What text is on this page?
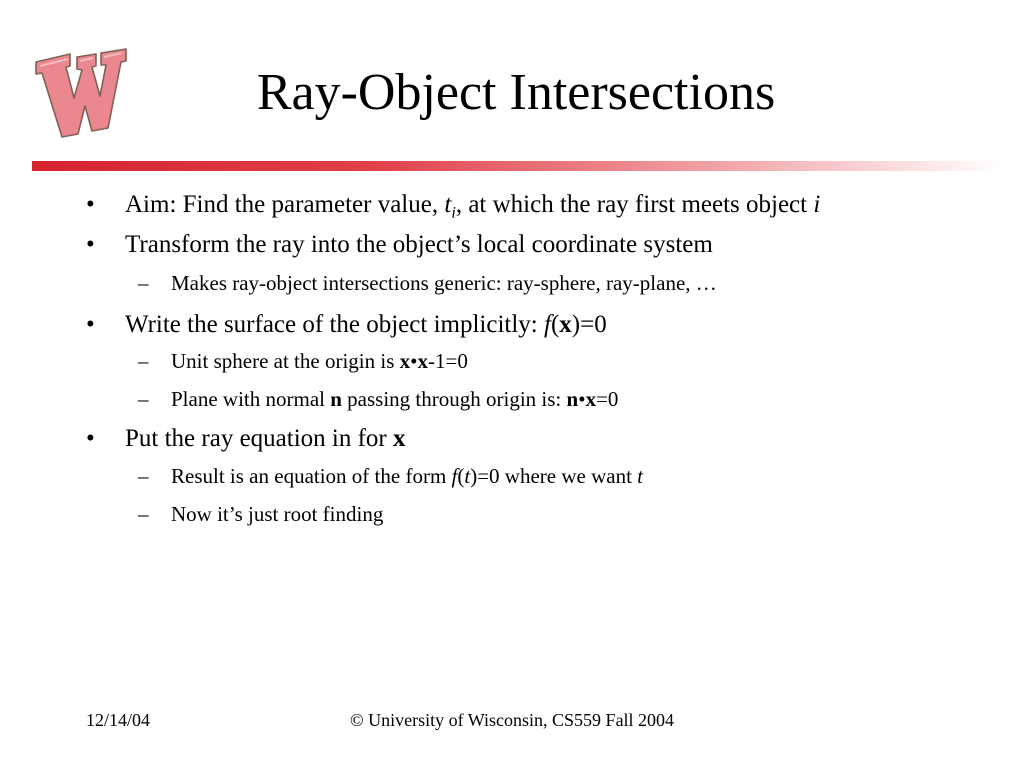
Ray-Object Intersections
• Aim: Find the parameter value, $t_i$, at which the ray first meets object i
• Transform the ray into the object’s local coordinate system
– Makes ray-object intersections generic: ray-sphere, ray-plane, …
• Write the surface of the object implicitly: f(x)=0
– Unit sphere at the origin is x•x-1=0
– Plane with normal n passing through origin is: n•x=0
• Put the ray equation in for x
– Result is an equation of the form f(t)=0 where we want t
– Now it’s just root finding
12/14/04	© University of Wisconsin, CS559 Fall 2004
